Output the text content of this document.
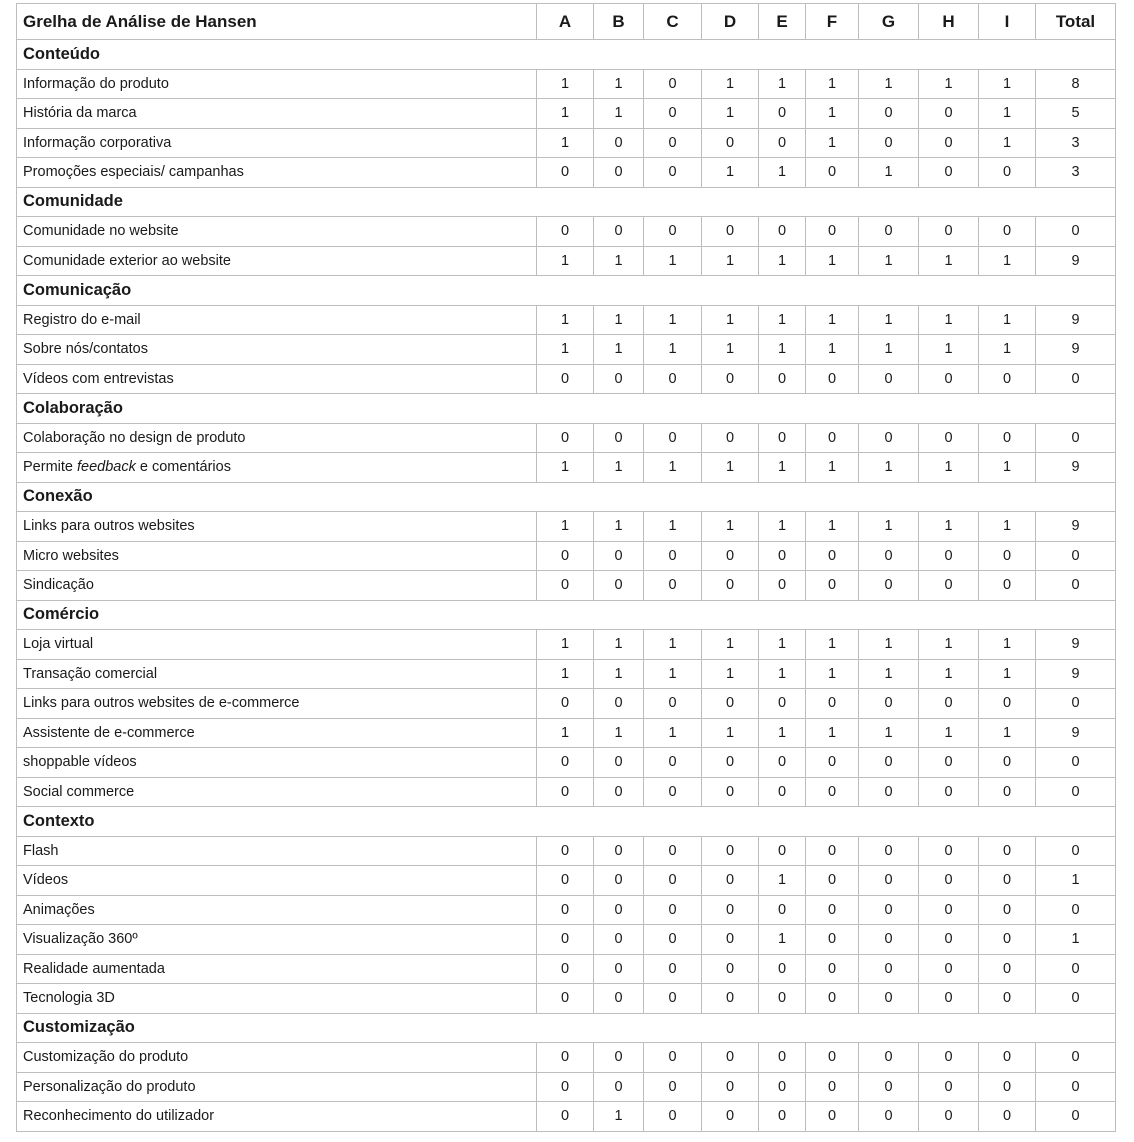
Grelha de Análise de Hansen	A	B	C	D	E	F	G	H	I	Total
Conteúdo										
Informação do produto	1	1	0	1	1	1	1	1	1	8
História da marca	1	1	0	1	0	1	0	0	1	5
Informação corporativa	1	0	0	0	0	1	0	0	1	3
Promoções especiais/ campanhas	0	0	0	1	1	0	1	0	0	3
Comunidade										
Comunidade no website	0	0	0	0	0	0	0	0	0	0
Comunidade exterior ao website	1	1	1	1	1	1	1	1	1	9
Comunicação										
Registro do e-mail	1	1	1	1	1	1	1	1	1	9
Sobre nós/contatos	1	1	1	1	1	1	1	1	1	9
Vídeos com entrevistas	0	0	0	0	0	0	0	0	0	0
Colaboração										
Colaboração no design de produto	0	0	0	0	0	0	0	0	0	0
Permite feedback e comentários	1	1	1	1	1	1	1	1	1	9
Conexão										
Links para outros websites	1	1	1	1	1	1	1	1	1	9
Micro websites	0	0	0	0	0	0	0	0	0	0
Sindicação	0	0	0	0	0	0	0	0	0	0
Comércio										
Loja virtual	1	1	1	1	1	1	1	1	1	9
Transação comercial	1	1	1	1	1	1	1	1	1	9
Links para outros websites de e-commerce	0	0	0	0	0	0	0	0	0	0
Assistente de e-commerce	1	1	1	1	1	1	1	1	1	9
shoppable vídeos	0	0	0	0	0	0	0	0	0	0
Social commerce	0	0	0	0	0	0	0	0	0	0
Contexto										
Flash	0	0	0	0	0	0	0	0	0	0
Vídeos	0	0	0	0	1	0	0	0	0	1
Animações	0	0	0	0	0	0	0	0	0	0
Visualização 360º	0	0	0	0	1	0	0	0	0	1
Realidade aumentada	0	0	0	0	0	0	0	0	0	0
Tecnologia 3D	0	0	0	0	0	0	0	0	0	0
Customização										
Customização do produto	0	0	0	0	0	0	0	0	0	0
Personalização do produto	0	0	0	0	0	0	0	0	0	0
Reconhecimento do utilizador	0	1	0	0	0	0	0	0	0	0
